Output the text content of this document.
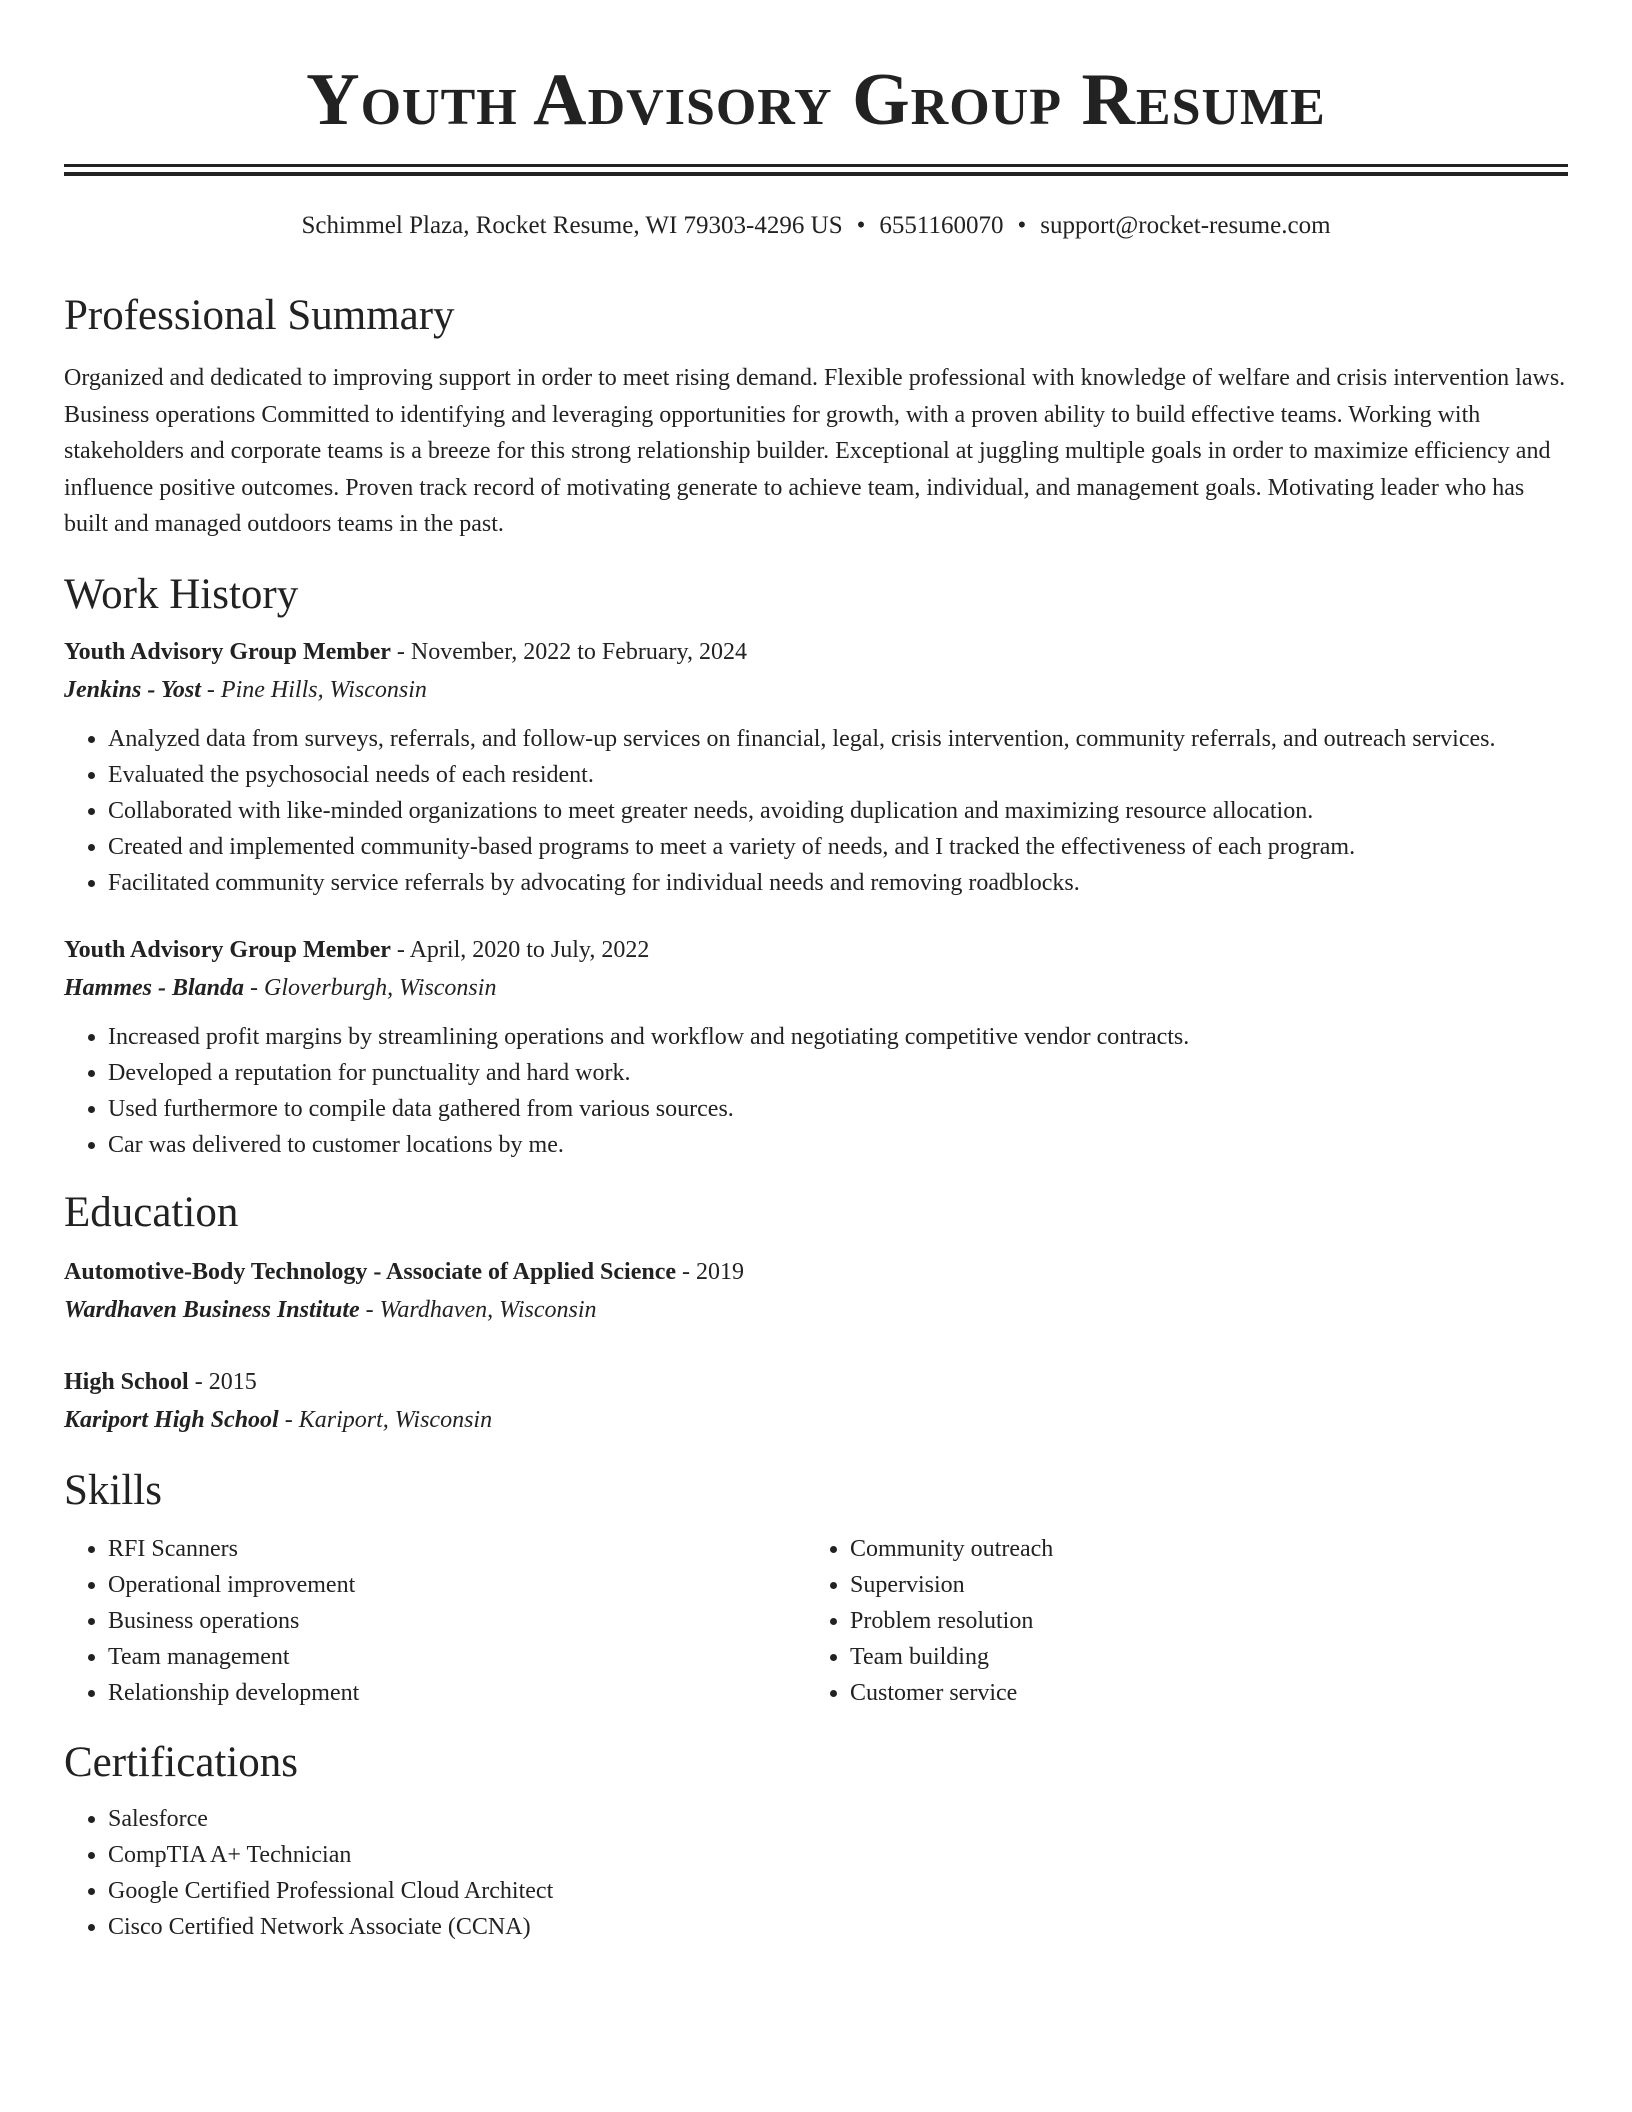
Youth Advisory Group Resume
Schimmel Plaza, Rocket Resume, WI 79303-4296 US • 6551160070 • support@rocket-resume.com
Professional Summary

Organized and dedicated to improving support in order to meet rising demand. Flexible professional with knowledge of welfare and crisis intervention laws. Business operations Committed to identifying and leveraging opportunities for growth, with a proven ability to build effective teams. Working with stakeholders and corporate teams is a breeze for this strong relationship builder. Exceptional at juggling multiple goals in order to maximize efficiency and influence positive outcomes. Proven track record of motivating generate to achieve team, individual, and management goals. Motivating leader who has built and managed outdoors teams in the past.

Work History
Youth Advisory Group Member - November, 2022 to February, 2024
Jenkins - Yost - Pine Hills, Wisconsin
• Analyzed data from surveys, referrals, and follow-up services on financial, legal, crisis intervention, community referrals, and outreach services.
• Evaluated the psychosocial needs of each resident.
• Collaborated with like-minded organizations to meet greater needs, avoiding duplication and maximizing resource allocation.
• Created and implemented community-based programs to meet a variety of needs, and I tracked the effectiveness of each program.
• Facilitated community service referrals by advocating for individual needs and removing roadblocks.
Youth Advisory Group Member - April, 2020 to July, 2022
Hammes - Blanda - Gloverburgh, Wisconsin
• Increased profit margins by streamlining operations and workflow and negotiating competitive vendor contracts.
• Developed a reputation for punctuality and hard work.
• Used furthermore to compile data gathered from various sources.
• Car was delivered to customer locations by me.
Education
Automotive-Body Technology - Associate of Applied Science - 2019
Wardhaven Business Institute - Wardhaven, Wisconsin
High School - 2015
Kariport High School - Kariport, Wisconsin
Skills
• RFI Scanners
• Operational improvement
• Business operations
• Team management
• Relationship development
• Community outreach
• Supervision
• Problem resolution
• Team building
• Customer service
Certifications
• Salesforce
• CompTIA A+ Technician
• Google Certified Professional Cloud Architect
• Cisco Certified Network Associate (CCNA)
